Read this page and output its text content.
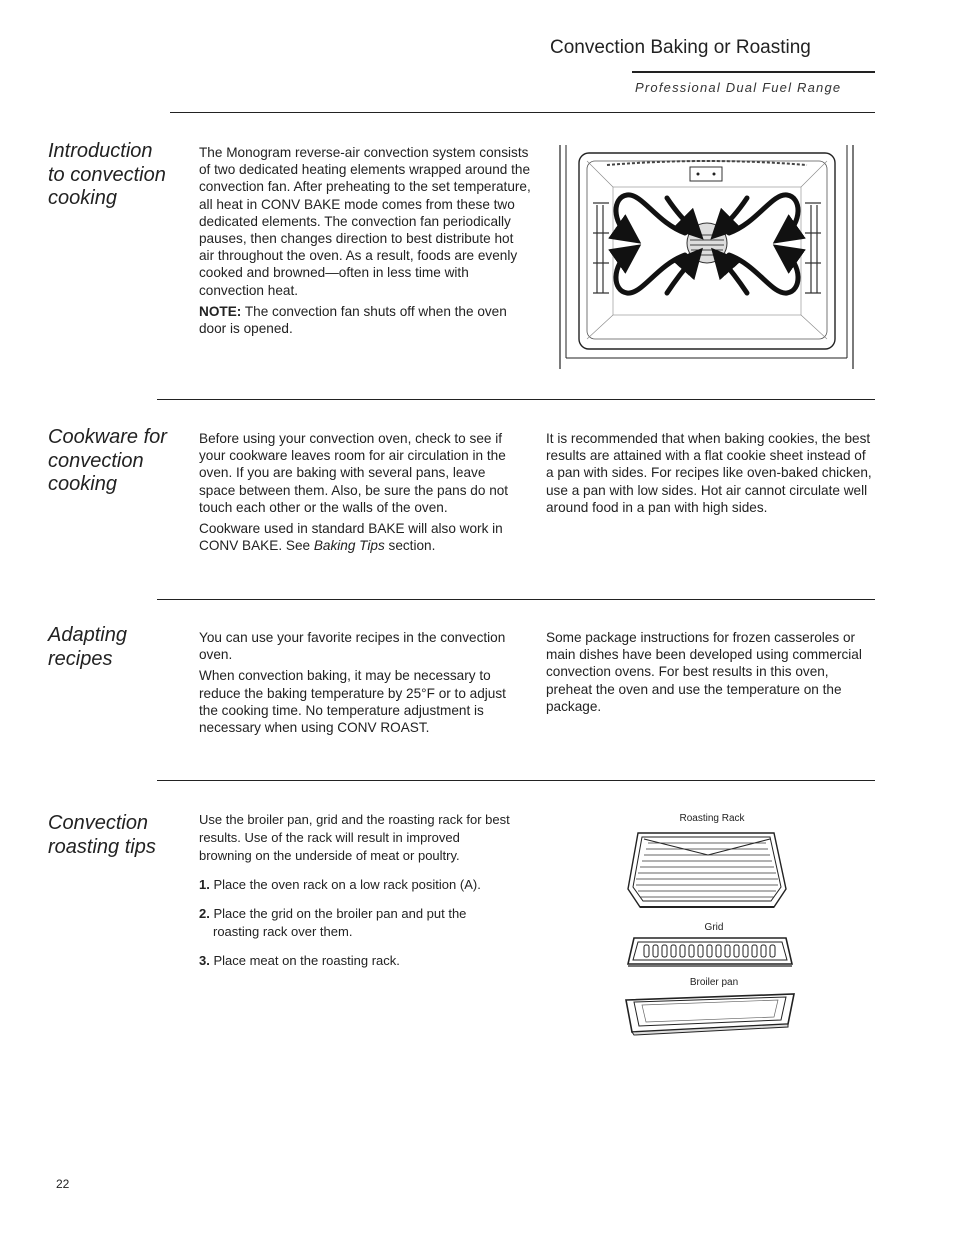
Convection Baking or Roasting
Professional Dual Fuel Range
Introduction to convection cooking

The Monogram reverse-air convection system consists of two dedicated heating elements wrapped around the convection fan. After preheating to the set temperature, all heat in CONV BAKE mode comes from these two dedicated elements. The convection fan periodically pauses, then changes direction to best distribute hot air throughout the oven. As a result, foods are evenly cooked and browned—often in less time with convection heat.

NOTE: The convection fan shuts off when the oven door is opened.

Cookware for convection cooking

Before using your convection oven, check to see if your cookware leaves room for air circulation in the oven. If you are baking with several pans, leave space between them. Also, be sure the pans do not touch each other or the walls of the oven.

Cookware used in standard BAKE will also work in CONV BAKE. See Baking Tips section.

It is recommended that when baking cookies, the best results are attained with a flat cookie sheet instead of a pan with sides. For recipes like oven-baked chicken, use a pan with low sides. Hot air cannot circulate well around food in a pan with high sides.

Adapting recipes

You can use your favorite recipes in the convection oven.

When convection baking, it may be necessary to reduce the baking temperature by 25°F or to adjust the cooking time. No temperature adjustment is necessary when using CONV ROAST.

Some package instructions for frozen casseroles or main dishes have been developed using commercial convection ovens. For best results in this oven, preheat the oven and use the temperature on the package.

Convection roasting tips

Use the broiler pan, grid and the roasting rack for best results. Use of the rack will result in improved browning on the underside of meat or poultry.

1. Place the oven rack on a low rack position (A).

2. Place the grid on the broiler pan and put the roasting rack over them.

3. Place meat on the roasting rack.

Roasting Rack
Grid
Broiler pan
22
